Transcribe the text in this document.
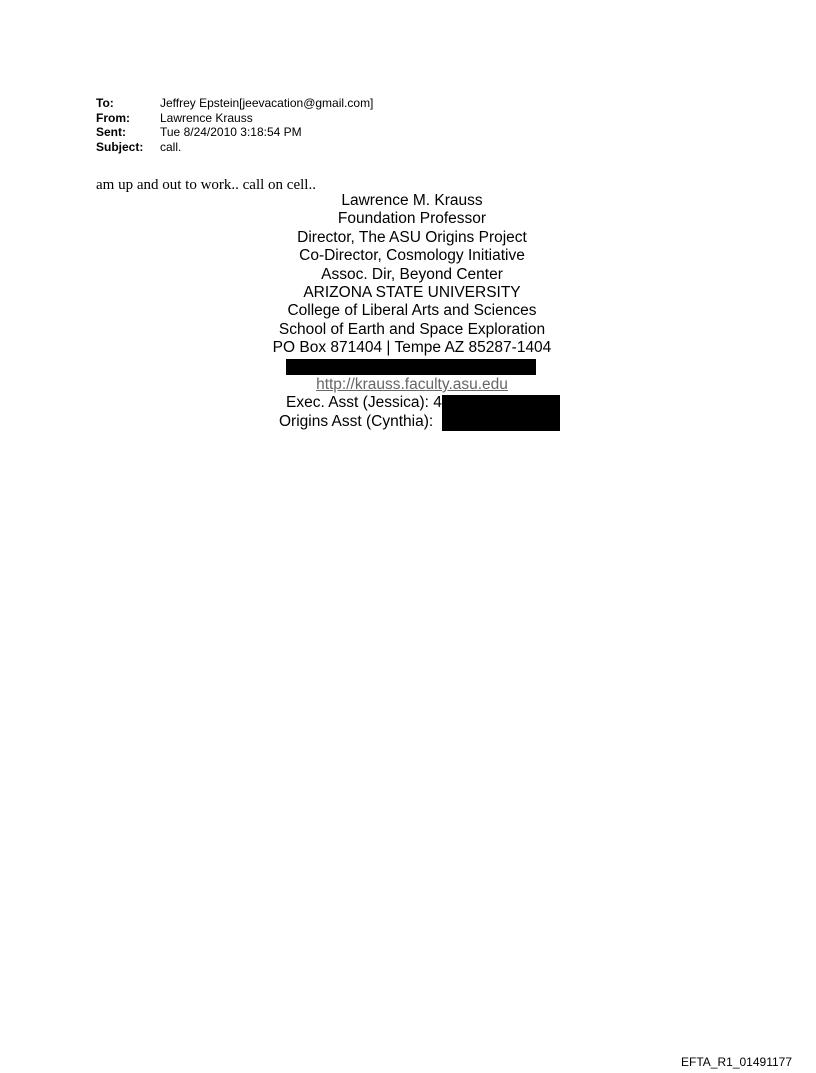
To:	Jeffrey Epstein[jeevacation@gmail.com]
From:	Lawrence Krauss
Sent:	Tue 8/24/2010 3:18:54 PM
Subject:	call.
am up and out to work.. call on cell..
Lawrence M. Krauss
Foundation Professor
Director, The ASU Origins Project
Co-Director, Cosmology Initiative
Assoc. Dir, Beyond Center
ARIZONA STATE UNIVERSITY
College of Liberal Arts and Sciences
School of Earth and Space Exploration
PO Box 871404 | Tempe AZ 85287-1404
http://krauss.faculty.asu.edu
Exec. Asst (Jessica): 4
Origins Asst (Cynthia):
EFTA_R1_01491177
